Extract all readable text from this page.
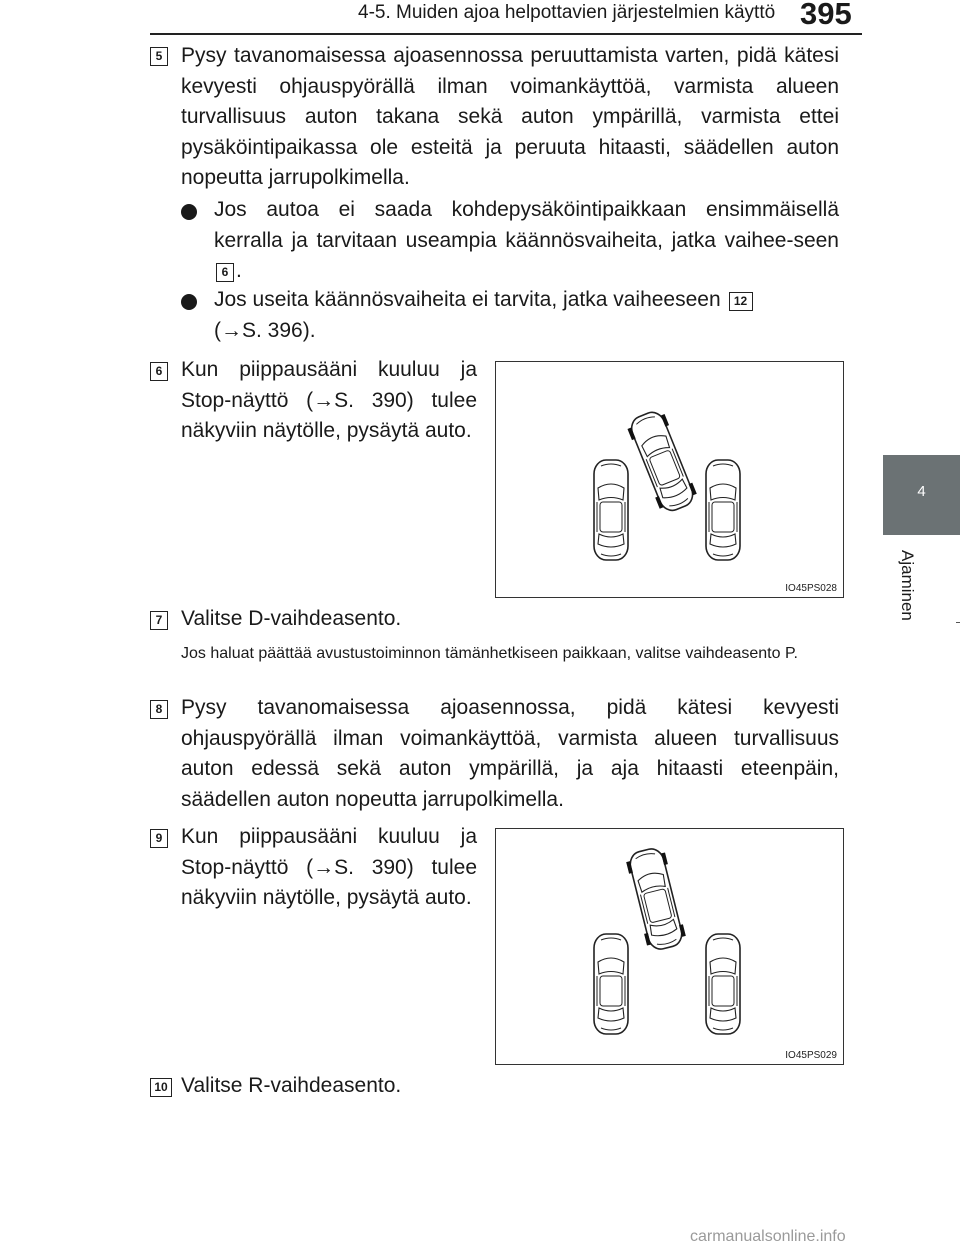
4-5. Muiden ajoa helpottavien järjestelmien käyttö 395
4
Ajaminen
5 Pysy tavanomaisessa ajoasennossa peruuttamista varten, pidä kätesi kevyesti ohjauspyörällä ilman voimankäyttöä, varmista alueen turvallisuus auton takana sekä auton ympärillä, varmista ettei pysäköintipaikassa ole esteitä ja peruuta hitaasti, säädellen auton nopeutta jarrupolkimella.
Jos autoa ei saada kohdepysäköintipaikkaan ensimmäisellä kerralla ja tarvitaan useampia käännösvaiheita, jatka vaihee-seen 6 .
Jos useita käännösvaiheita ei tarvita, jatka vaiheeseen 12
(→S. 396).
6 Kun piippausääni kuuluu ja Stop-näyttö (→S. 390) tulee näkyviin näytölle, pysäytä auto.
IO45PS028
7 Valitse D-vaihdeasento.
Jos haluat päättää avustustoiminnon tämänhetkiseen paikkaan, valitse vaihdeasento P.
8 Pysy tavanomaisessa ajoasennossa, pidä kätesi kevyesti ohjauspyörällä ilman voimankäyttöä, varmista alueen turvallisuus auton edessä sekä auton ympärillä, ja aja hitaasti eteenpäin, säädellen auton nopeutta jarrupolkimella.
9 Kun piippausääni kuuluu ja Stop-näyttö (→S. 390) tulee näkyviin näytölle, pysäytä auto.
IO45PS029
10 Valitse R-vaihdeasento.
carmanualsonline.info
